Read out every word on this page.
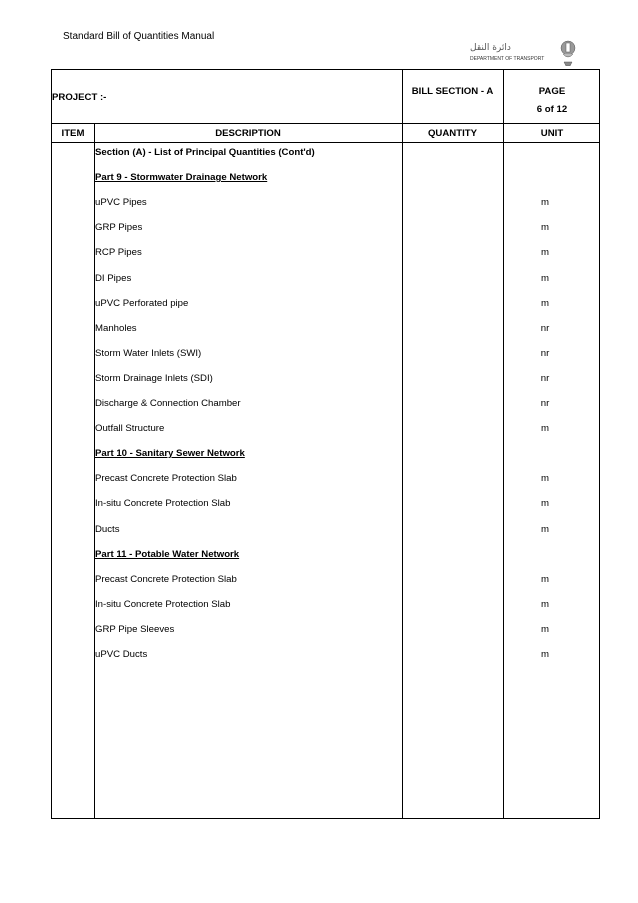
Standard Bill of Quantities Manual
دائرة النقل
DEPARTMENT OF TRANSPORT
PROJECT :-
BILL SECTION - A	PAGE
6 of 12
ITEM	DESCRIPTION	QUANTITY	UNIT
Section (A) - List of Principal Quantities (Cont'd)
Part 9 - Stormwater Drainage Network
uPVC Pipes	m
GRP Pipes	m
RCP Pipes	m
DI Pipes	m
uPVC Perforated pipe	m
Manholes	nr
Storm Water Inlets (SWI)	nr
Storm Drainage Inlets (SDI)	nr
Discharge & Connection Chamber	nr
Outfall Structure	m
Part 10 - Sanitary Sewer Network
Precast Concrete Protection Slab	m
In-situ Concrete Protection Slab	m
Ducts	m
Part 11 - Potable Water Network
Precast Concrete Protection Slab	m
In-situ Concrete Protection Slab	m
GRP Pipe Sleeves	m
uPVC Ducts	m
